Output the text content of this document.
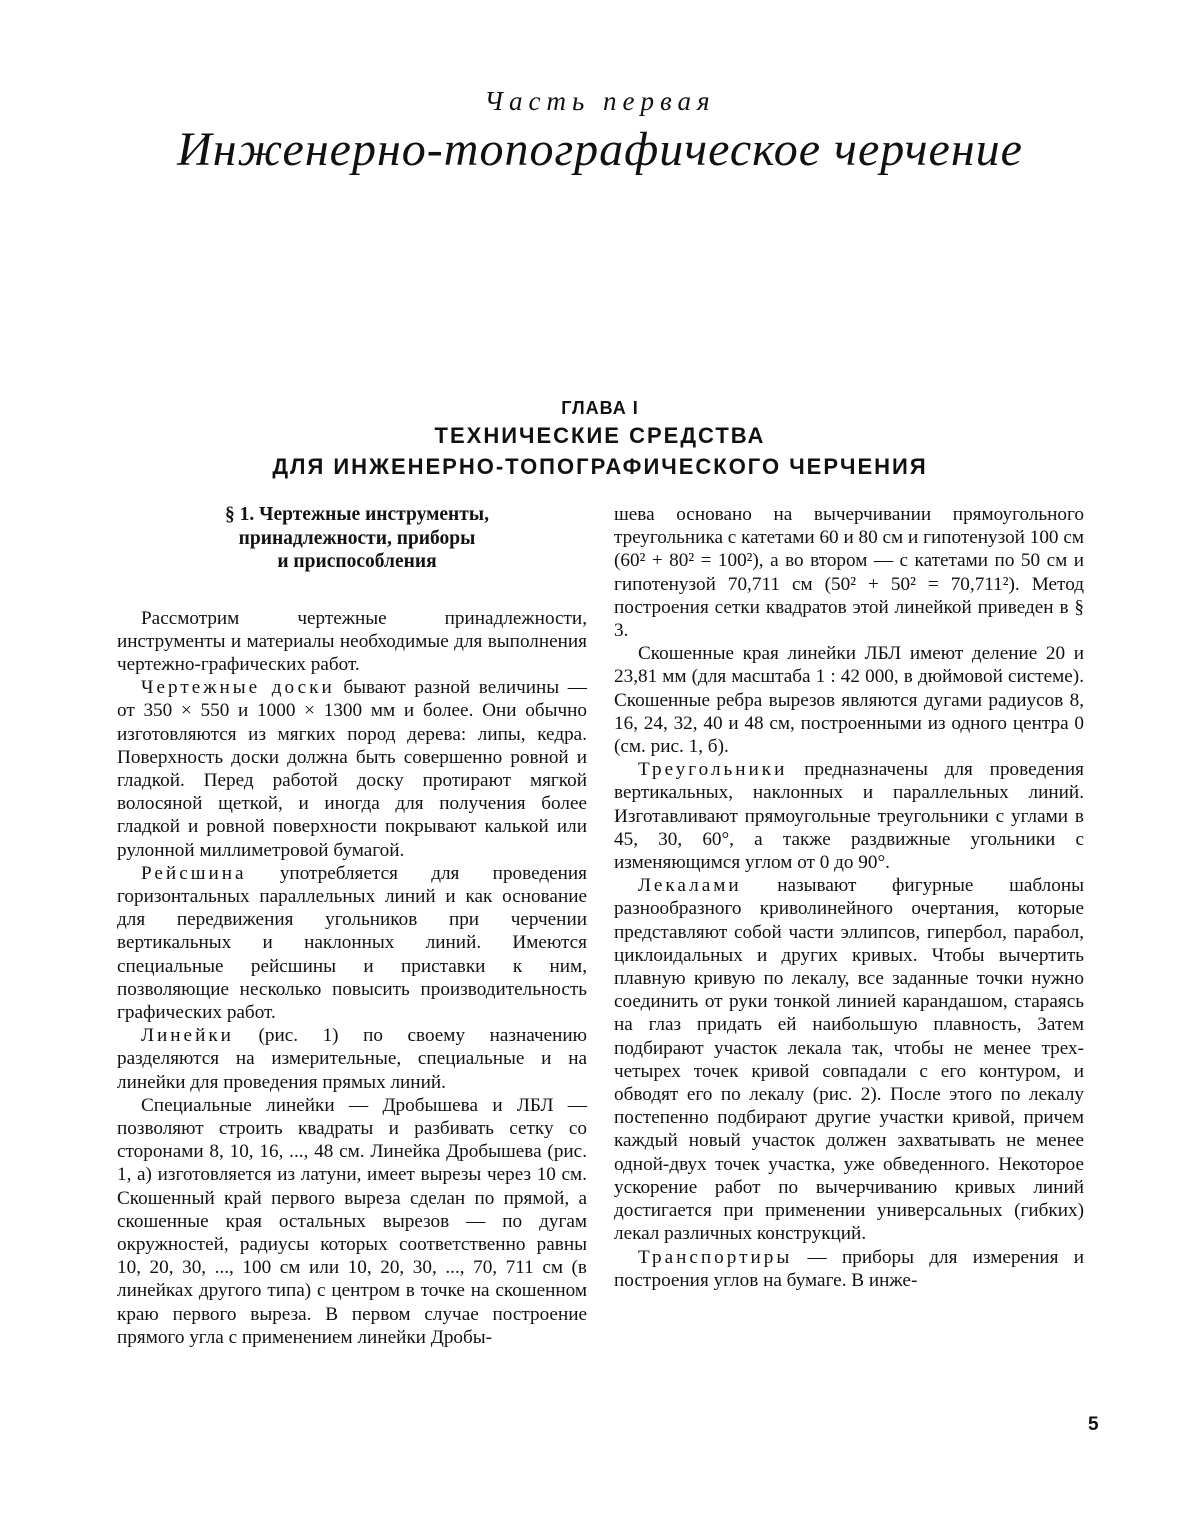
Часть первая
Инженерно-топографическое черчение
ГЛАВА I
ТЕХНИЧЕСКИЕ СРЕДСТВА
ДЛЯ ИНЖЕНЕРНО-ТОПОГРАФИЧЕСКОГО ЧЕРЧЕНИЯ
§ 1. Чертежные инструменты,
принадлежности, приборы
и приспособления

Рассмотрим чертежные принадлежности, инструменты и материалы необходимые для выполнения чертежно-графических работ.

Чертежные доски бывают разной величины — от 350 × 550 и 1000 × 1300 мм и более. Они обычно изготовляются из мягких пород дерева: липы, кедра. Поверхность доски должна быть совершенно ровной и гладкой. Перед работой доску протирают мягкой волосяной щеткой, и иногда для получения более гладкой и ровной поверхности покрывают калькой или рулонной миллиметровой бумагой.

Рейсшина употребляется для проведения горизонтальных параллельных линий и как основание для передвижения угольников при черчении вертикальных и наклонных линий. Имеются специальные рейсшины и приставки к ним, позволяющие несколько повысить производительность графических работ.

Линейки (рис. 1) по своему назначению разделяются на измерительные, специальные и на линейки для проведения прямых линий.

Специальные линейки — Дробышева и ЛБЛ — позволяют строить квадраты и разбивать сетку со сторонами 8, 10, 16, ..., 48 см. Линейка Дробышева (рис. 1, а) изготовляется из латуни, имеет вырезы через 10 см. Скошенный край первого выреза сделан по прямой, а скошенные края остальных вырезов — по дугам окружностей, радиусы которых соответственно равны 10, 20, 30, ..., 100 см или 10, 20, 30, ..., 70, 711 см (в линейках другого типа) с центром в точке на скошенном краю первого выреза. В первом случае построение прямого угла с применением линейки Дробы-

шева основано на вычерчивании прямоугольного треугольника с катетами 60 и 80 см и гипотенузой 100 см (60² + 80² = 100²), а во втором — с катетами по 50 см и гипотенузой 70,711 см (50² + 50² = 70,711²). Метод построения сетки квадратов этой линейкой приведен в § 3.

Скошенные края линейки ЛБЛ имеют деление 20 и 23,81 мм (для масштаба 1 : 42 000, в дюймовой системе). Скошенные ребра вырезов являются дугами радиусов 8, 16, 24, 32, 40 и 48 см, построенными из одного центра 0 (см. рис. 1, б).

Треугольники предназначены для проведения вертикальных, наклонных и параллельных линий. Изготавливают прямоугольные треугольники с углами в 45, 30, 60°, а также раздвижные угольники с изменяющимся углом от 0 до 90°.

Лекалами называют фигурные шаблоны разнообразного криволинейного очертания, которые представляют собой части эллипсов, гипербол, парабол, циклоидальных и других кривых. Чтобы вычертить плавную кривую по лекалу, все заданные точки нужно соединить от руки тонкой линией карандашом, стараясь на глаз придать ей наибольшую плавность, Затем подбирают участок лекала так, чтобы не менее трех-четырех точек кривой совпадали с его контуром, и обводят его по лекалу (рис. 2). После этого по лекалу постепенно подбирают другие участки кривой, причем каждый новый участок должен захватывать не менее одной-двух точек участка, уже обведенного. Некоторое ускорение работ по вычерчиванию кривых линий достигается при применении универсальных (гибких) лекал различных конструкций.

Транспортиры — приборы для измерения и построения углов на бумаге. В инже-

5
